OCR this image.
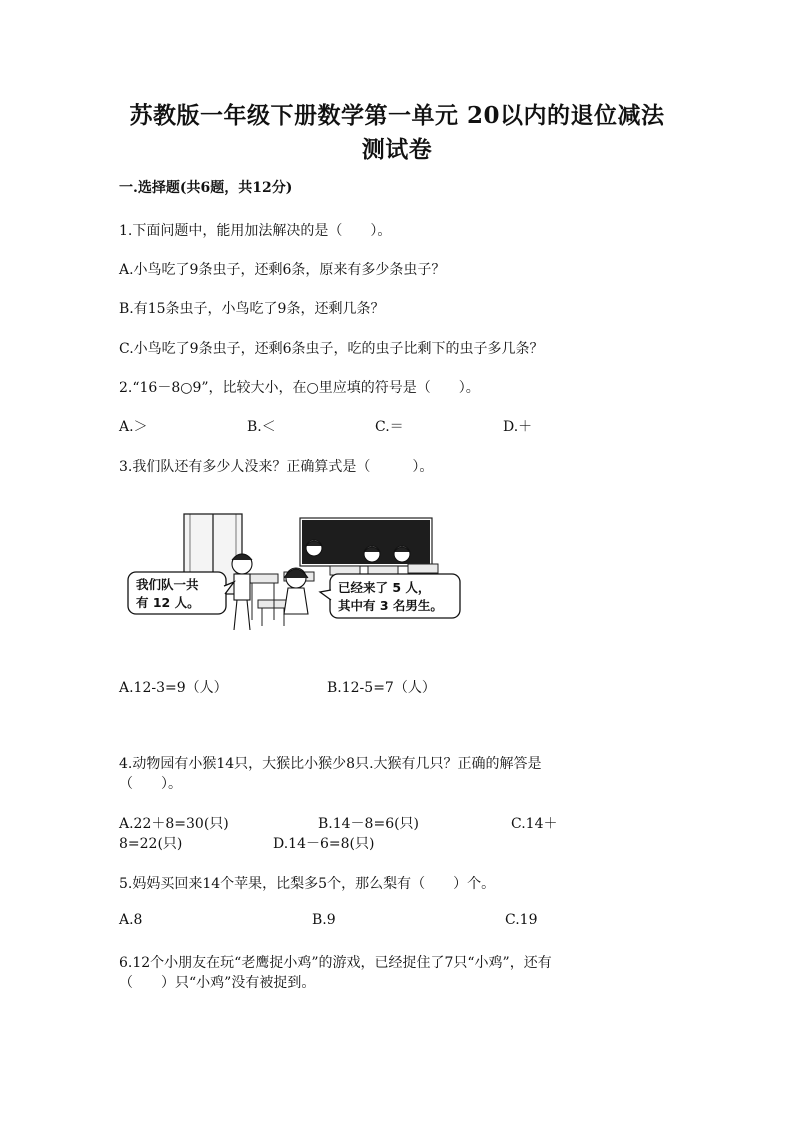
苏教版一年级下册数学第一单元 20以内的退位减法
测试卷
一.选择题(共6题，共12分)
1.下面问题中，能用加法解决的是（　　）。
A.小鸟吃了9条虫子，还剩6条，原来有多少条虫子？
B.有15条虫子，小鸟吃了9条，还剩几条？
C.小鸟吃了9条虫子，还剩6条虫子，吃的虫子比剩下的虫子多几条？
2.“16－8○9”，比较大小，在○里应填的符号是（　　）。
A.＞	B.＜	C.＝	D.＋
3.我们队还有多少人没来？正确算式是（　　　）。
我们队一共
有 12 人。
已经来了 5 人，
其中有 3 名男生。
A.12-3=9（人）	B.12-5=7（人）
4.动物园有小猴14只，大猴比小猴少8只.大猴有几只？正确的解答是
（　　）。
A.22＋8=30(只)	B.14－8=6(只)	C.14＋
8=22(只)	D.14－6=8(只)
5.妈妈买回来14个苹果，比梨多5个，那么梨有（　　）个。
A.8	B.9	C.19
6.12个小朋友在玩“老鹰捉小鸡”的游戏，已经捉住了7只“小鸡”，还有
（　　）只“小鸡”没有被捉到。
